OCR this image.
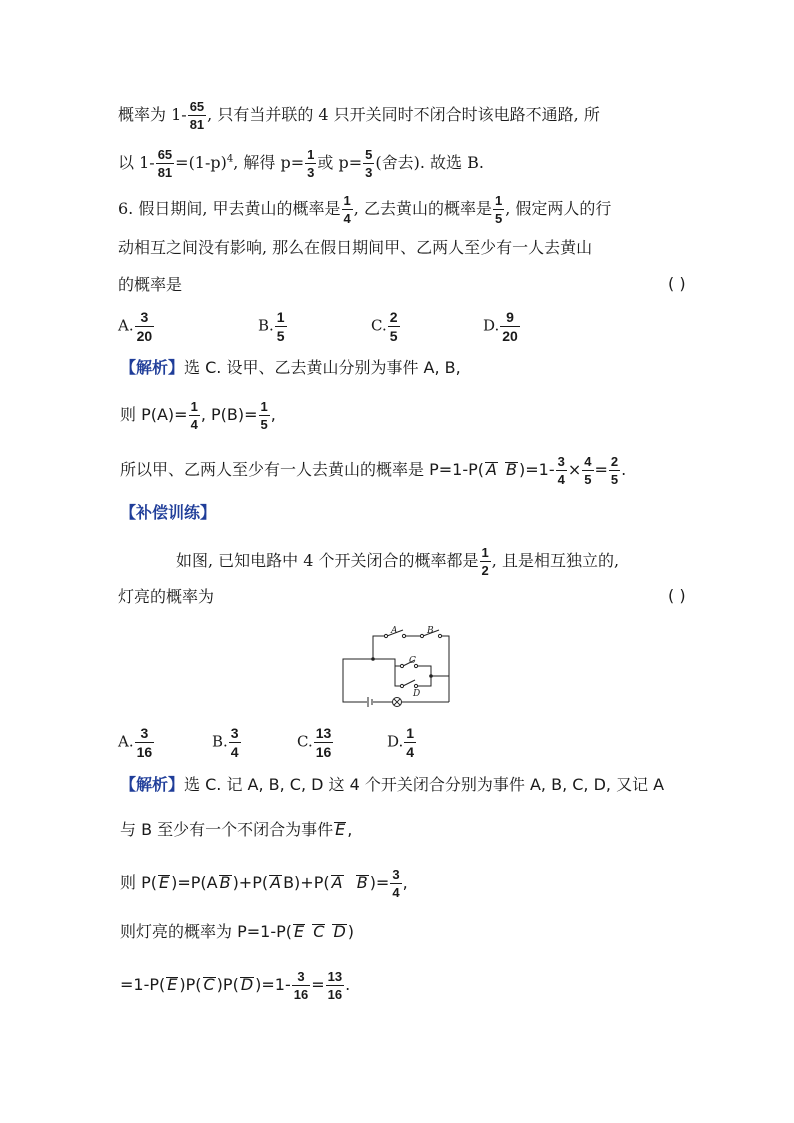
概率为 $1- \frac{65}{81}$ , 只有当并联的 4 只开关同时不闭合时该电路不通路, 所
以 $1- \frac{65}{81} =(1-p)^4$, 解得 $p= \frac{1}{3}$ 或 $p= \frac{5}{3}$ (舍去). 故选 B.
6. 假日期间, 甲去黄山的概率是 $\frac{1}{4}$ , 乙去黄山的概率是 $\frac{1}{5}$ , 假定两人的行
动相互之间没有影响, 那么在假日期间甲、乙两人至少有一人去黄山
的概率是	( )
A. $\frac{3}{20}$	B. $\frac{1}{5}$	C. $\frac{2}{5}$	D. $\frac{9}{20}$
【解析】选 C. 设甲、乙去黄山分别为事件 A, B,
则 $P(A)= \frac{1}{4}$ , $P(B)= \frac{1}{5}$ ,
所以甲、乙两人至少有一人去黄山的概率是 P=1-P( A B )$=1- \frac{3}{4} \times \frac{4}{5} = \frac{2}{5}$ .
【补偿训练】
如图, 已知电路中 4 个开关闭合的概率都是 $\frac{1}{2}$ , 且是相互独立的,
灯亮的概率为	( )
A	B
C
D
A. $\frac{3}{16}$	B. $\frac{3}{4}$	C. $\frac{13}{16}$	D. $\frac{1}{4}$
【解析】选 C. 记 A, B, C, D 这 4 个开关闭合分别为事件 A, B, C, D, 又记 A
与 B 至少有一个不闭合为事件 E ,
则 P( E )=P(A B )+P( A B)+P( A B )= $\frac{3}{4}$ ,
则灯亮的概率为 P=1-P( E C D )
=1-P( E )P( C )P( D )$=1- \frac{3}{16} = \frac{13}{16}$ .
